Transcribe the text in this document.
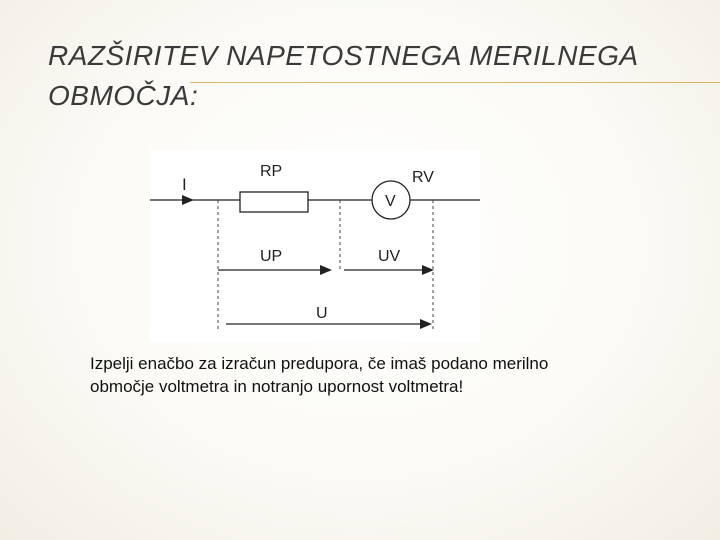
RAZŠIRITEV NAPETOSTNEGA MERILNEGA
OBMOČJA:
I
RP	RV
V
UP	UV
U
Izpelji enačbo za izračun predupora, če imaš podano merilno
območje voltmetra in notranjo upornost voltmetra!
